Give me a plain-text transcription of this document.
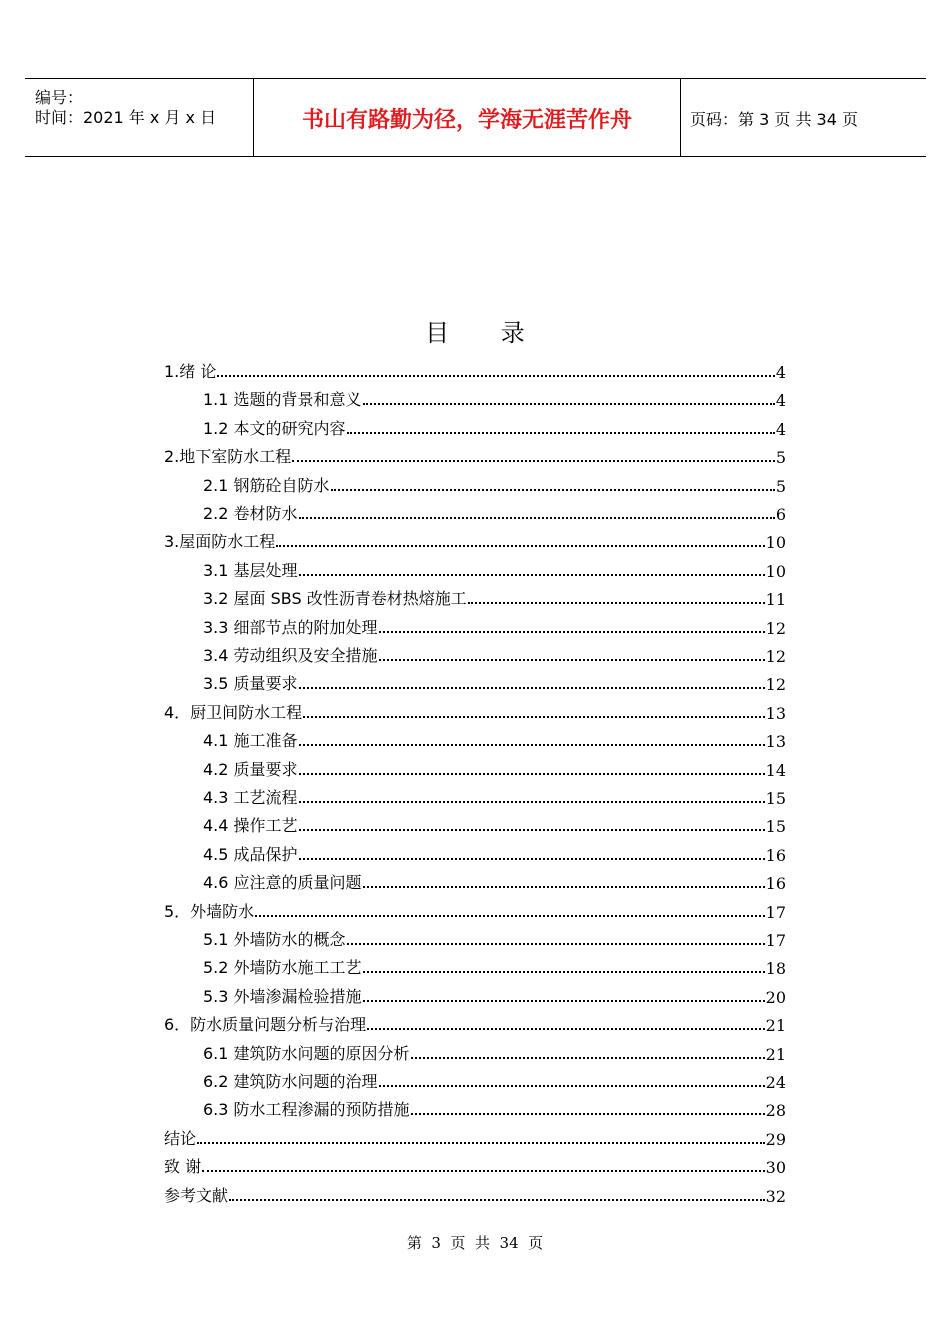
编号：
时间：2021 年 x 月 x 日	书山有路勤为径，学海无涯苦作舟	页码：第 3 页 共 34 页
目 录
1.绪 论	4
1.1 选题的背景和意义	4
1.2 本文的研究内容	4
2.地下室防水工程	5
2.1 钢筋砼自防水	5
2.2 卷材防水	6
3.屋面防水工程	10
3.1 基层处理	10
3.2 屋面 SBS 改性沥青卷材热熔施工	11
3.3 细部节点的附加处理	12
3.4 劳动组织及安全措施	12
3.5 质量要求	12
4．厨卫间防水工程	13
4.1 施工准备	13
4.2 质量要求	14
4.3 工艺流程	15
4.4 操作工艺	15
4.5 成品保护	16
4.6 应注意的质量问题	16
5．外墙防水	17
5.1 外墙防水的概念	17
5.2 外墙防水施工工艺	18
5.3 外墙渗漏检验措施	20
6．防水质量问题分析与治理	21
6.1 建筑防水问题的原因分析	21
6.2 建筑防水问题的治理	24
6.3 防水工程渗漏的预防措施	28
结论	29
致 谢	30
参考文献	32
第  3  页  共  34  页
